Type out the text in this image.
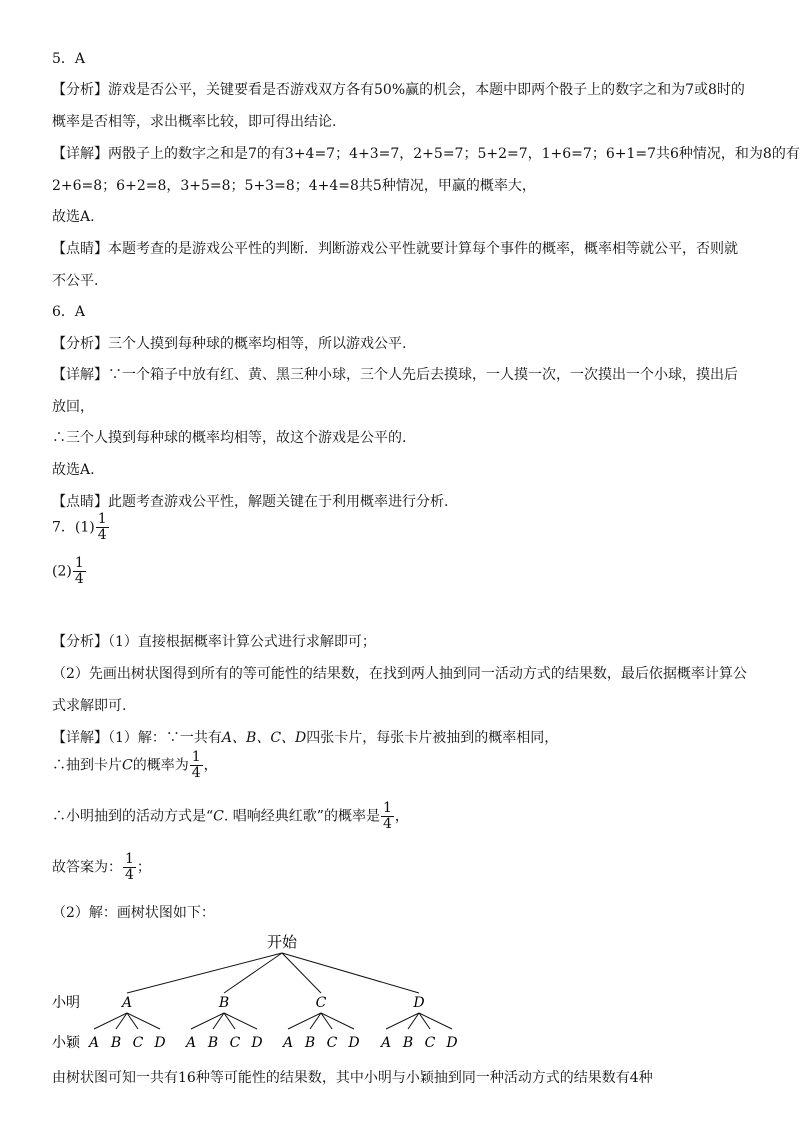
5．A
【分析】游戏是否公平，关键要看是否游戏双方各有50%赢的机会，本题中即两个骰子上的数字之和为7或8时的
概率是否相等，求出概率比较，即可得出结论.
【详解】两骰子上的数字之和是7的有3+4=7；4+3=7，2+5=7；5+2=7，1+6=7；6+1=7共6种情况，和为8的有
2+6=8；6+2=8，3+5=8；5+3=8；4+4=8共5种情况，甲赢的概率大，
故选A.
【点睛】本题考查的是游戏公平性的判断．判断游戏公平性就要计算每个事件的概率，概率相等就公平，否则就
不公平.
6．A
【分析】三个人摸到每种球的概率均相等，所以游戏公平.
【详解】∵一个箱子中放有红、黄、黑三种小球，三个人先后去摸球，一人摸一次，一次摸出一个小球，摸出后
放回，
∴三个人摸到每种球的概率均相等，故这个游戏是公平的.
故选A.
【点睛】此题考查游戏公平性，解题关键在于利用概率进行分析.
7．$(1) \frac{1}{4}$
$(2) \frac{1}{4}$
【分析】（1）直接根据概率计算公式进行求解即可；
（2）先画出树状图得到所有的等可能性的结果数，在找到两人抽到同一活动方式的结果数，最后依据概率计算公
式求解即可.
【详解】（1）解：∵一共有A、B、C、D四张卡片，每张卡片被抽到的概率相同，
∴抽到卡片C的概率为 $\frac{1}{4}$ ，
∴小明抽到的活动方式是“C. 唱响经典红歌”的概率是 $\frac{1}{4}$ ，
故答案为： $\frac{1}{4}$ ；
（2）解：画树状图如下：
开始
小明
小颖
A
A B C D
B
A B C D
C
A B C D
D
A B C D
由树状图可知一共有16种等可能性的结果数，其中小明与小颖抽到同一种活动方式的结果数有4种
